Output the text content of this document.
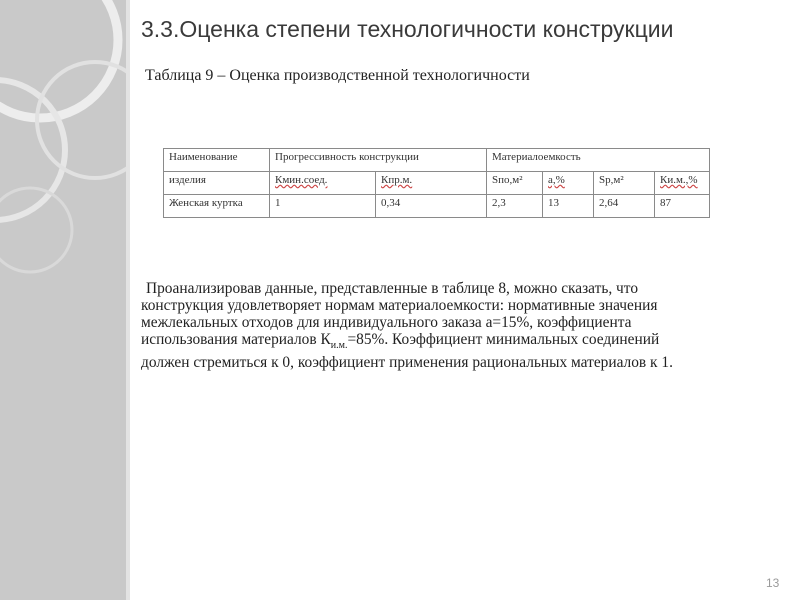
3.3.Оценка степени технологичности конструкции
Таблица 9 – Оценка производственной технологичности
Наименование	Прогрессивность конструкции		Материалоемкость			
изделия	Кмин.соед.	Кпр.м.	Sпо,м²	а,%	Sр,м²	Ки.м.,%
Женская куртка	1	0,34	2,3	13	2,64	87

Проанализировав данные, представленные в таблице 8, можно сказать, что

конструкция удовлетворяет нормам материалоемкости: нормативные значения

межлекальных отходов для индивидуального заказа а=15%, коэффициента

использования материалов $К_{и.м.}=85\%$. Коэффициент минимальных соединений

должен стремиться к 0, коэффициент применения рациональных материалов к 1.

13
